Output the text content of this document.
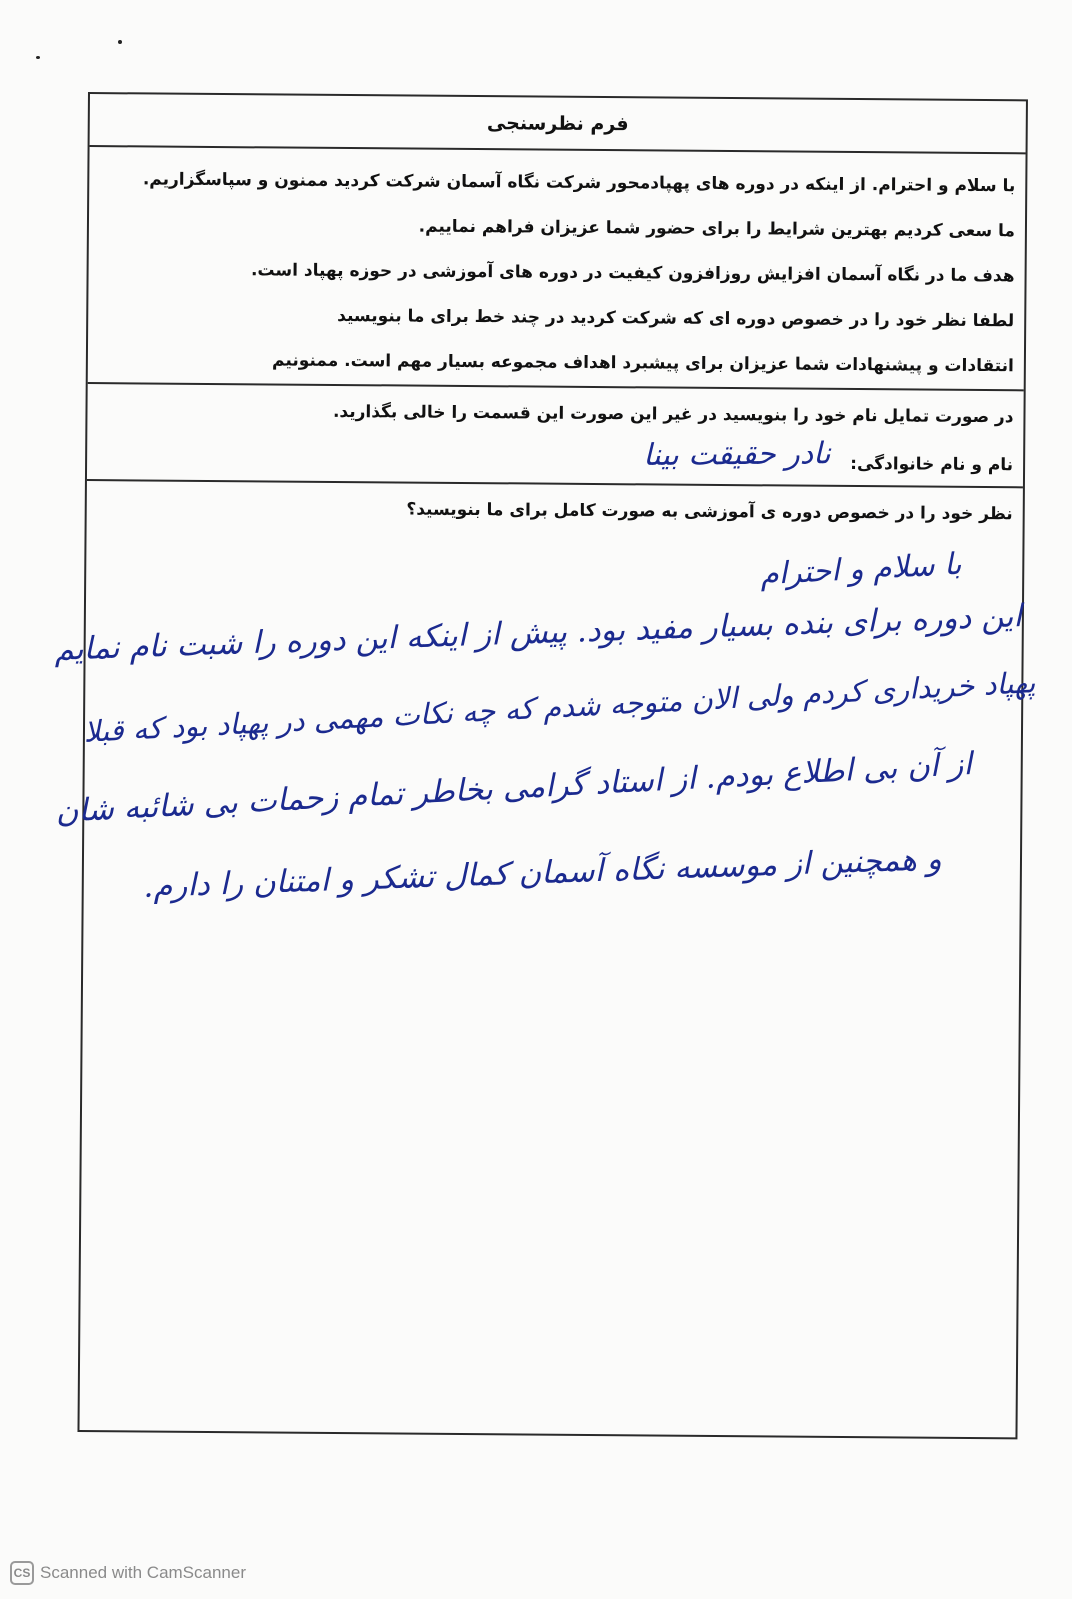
فرم نظرسنجی
با سلام و احترام. از اینکه در دوره های پهپادمحور شرکت نگاه آسمان شرکت کردید ممنون و سپاسگزاریم.
ما سعی کردیم بهترین شرایط را برای حضور شما عزیزان فراهم نماییم.
هدف ما در نگاه آسمان افزایش روزافزون کیفیت در دوره های آموزشی در حوزه پهپاد است.
لطفا نظر خود را در خصوص دوره ای که شرکت کردید در چند خط برای ما بنویسید
انتقادات و پیشنهادات شما عزیزان برای پیشبرد اهداف مجموعه بسیار مهم است. ممنونیم
در صورت تمایل نام خود را بنویسید در غیر این صورت این قسمت را خالی بگذارید.
نام و نام خانوادگی: نادر حقیقت بینا
نظر خود را در خصوص دوره ی آموزشی به صورت کامل برای ما بنویسید؟
با سلام و احترام
این دوره برای بنده بسیار مفید بود. پیش از اینکه این دوره را شبت نام نمایم
پهپاد خریداری کردم ولی الان متوجه شدم که چه نکات مهمی در پهپاد بود که قبلا
از آن بی اطلاع بودم. از استاد گرامی بخاطر تمام زحمات بی شائبه شان
و همچنین از موسسه نگاه آسمان کمال تشکر و امتنان را دارم.
CS Scanned with CamScanner
